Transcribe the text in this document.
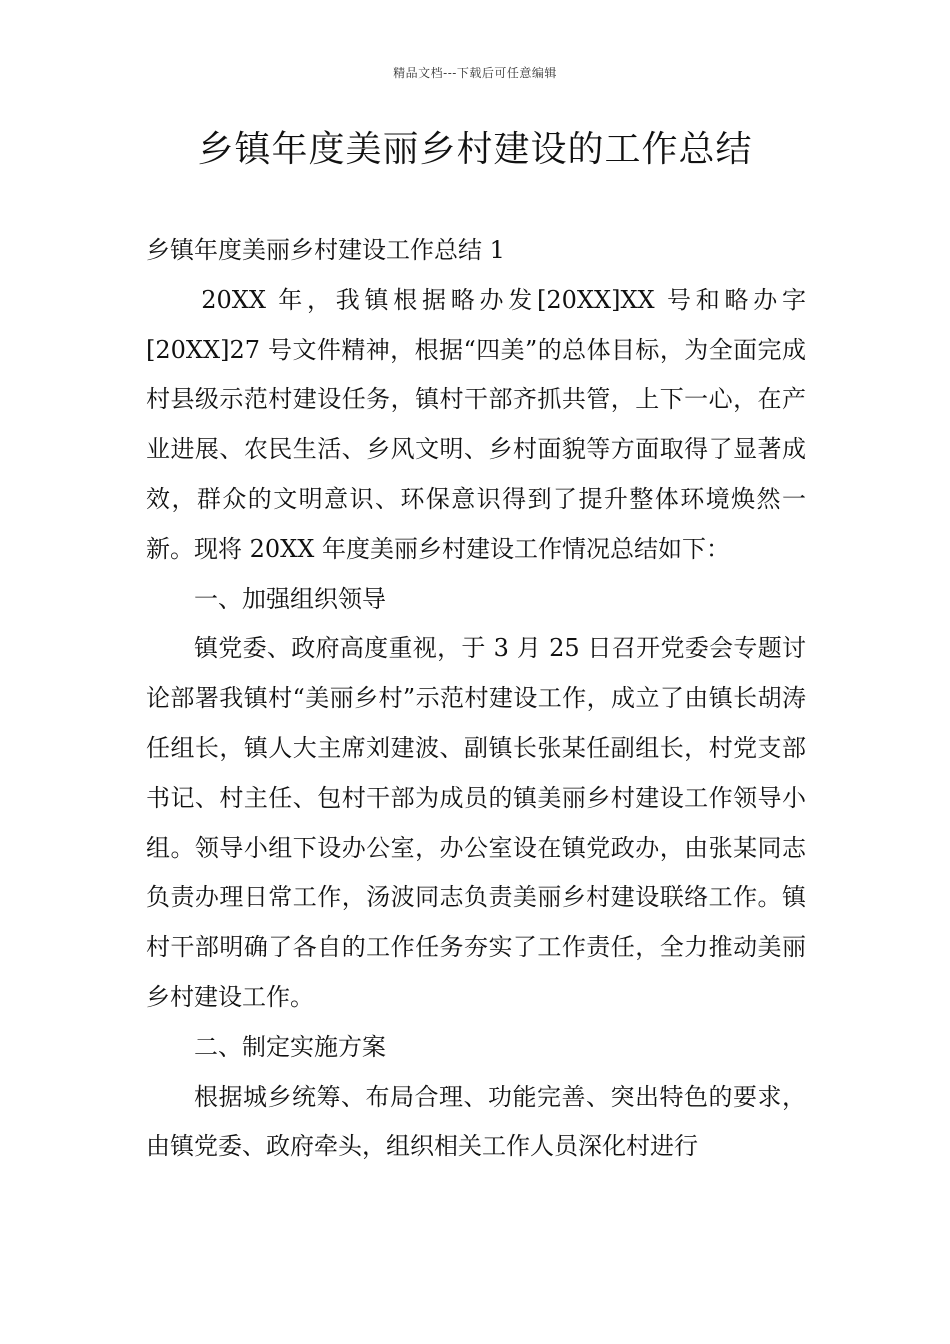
精品文档---下载后可任意编辑
乡镇年度美丽乡村建设的工作总结

乡镇年度美丽乡村建设工作总结 1

20XX 年，我镇根据略办发[20XX]XX 号和略办字[20XX]27 号文件精神，根据“四美”的总体目标，为全面完成村县级示范村建设任务，镇村干部齐抓共管，上下一心，在产业进展、农民生活、乡风文明、乡村面貌等方面取得了显著成效，群众的文明意识、环保意识得到了提升整体环境焕然一新。现将 20XX 年度美丽乡村建设工作情况总结如下：

一、加强组织领导

镇党委、政府高度重视，于 3 月 25 日召开党委会专题讨论部署我镇村“美丽乡村”示范村建设工作，成立了由镇长胡涛任组长，镇人大主席刘建波、副镇长张某任副组长，村党支部书记、村主任、包村干部为成员的镇美丽乡村建设工作领导小组。领导小组下设办公室，办公室设在镇党政办，由张某同志负责办理日常工作，汤波同志负责美丽乡村建设联络工作。镇村干部明确了各自的工作任务夯实了工作责任，全力推动美丽乡村建设工作。

二、制定实施方案

根据城乡统筹、布局合理、功能完善、突出特色的要求，由镇党委、政府牵头，组织相关工作人员深化村进行
